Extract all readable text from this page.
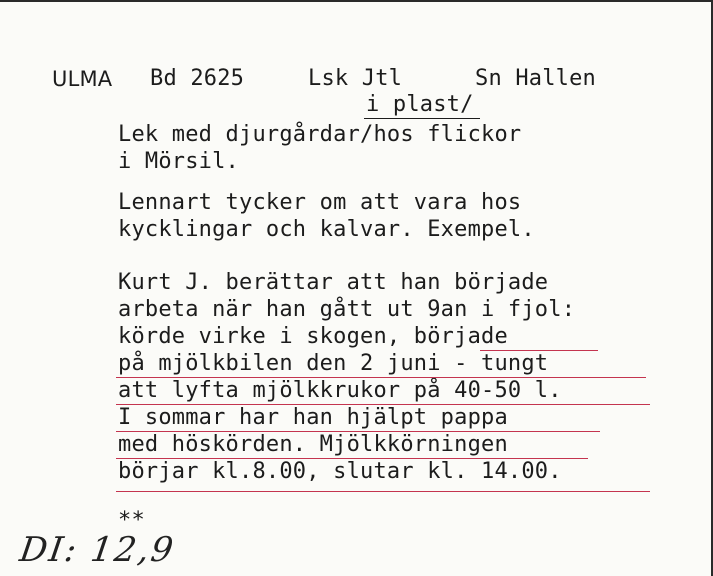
ULMA Bd 2625	Lsk Jtl	Sn Hallen
i plast/
Lek med djurgårdar/hos flickor
i Mörsil.
Lennart tycker om att vara hos
kycklingar och kalvar. Exempel.
Kurt J. berättar att han började
arbeta när han gått ut 9an i fjol:
körde virke i skogen, började
på mjölkbilen den 2 juni - tungt
att lyfta mjölkkrukor på 40-50 l.
I sommar har han hjälpt pappa
med höskörden. Mjölkkörningen
börjar kl.8.00, slutar kl. 14.00.
**
DI: 12,9
